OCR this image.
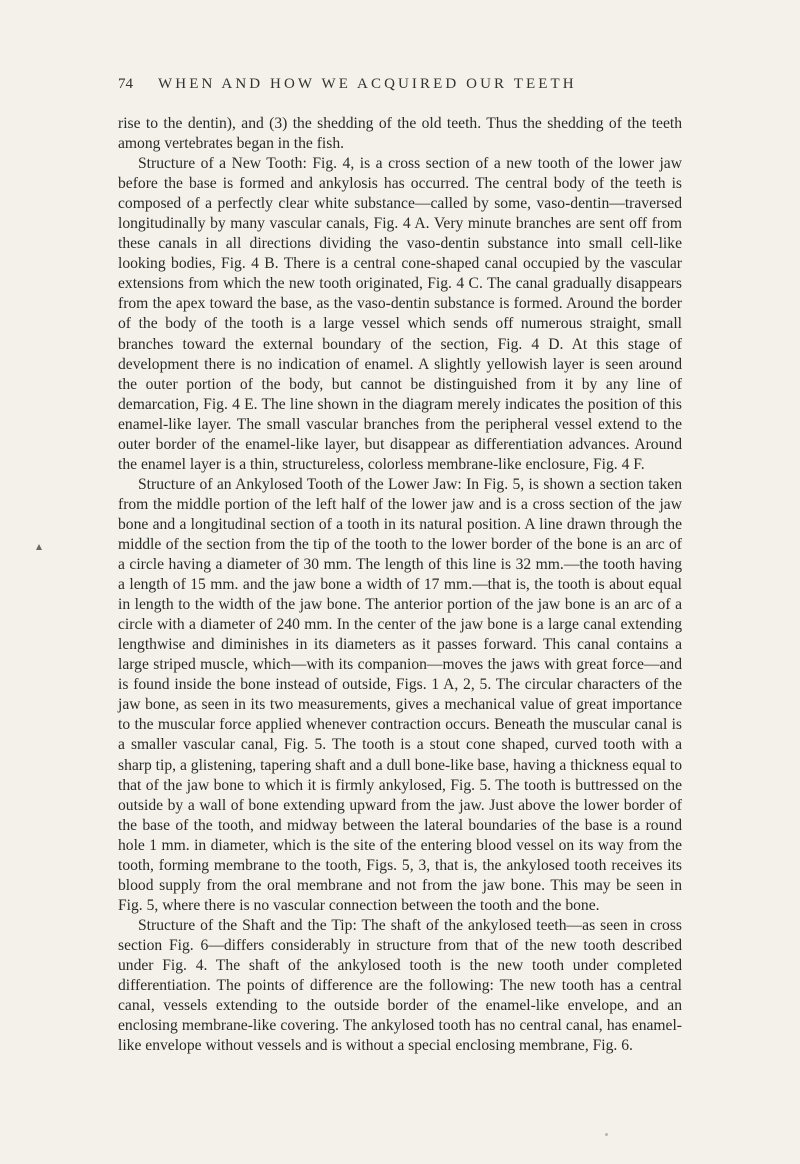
74 WHEN AND HOW WE ACQUIRED OUR TEETH

rise to the dentin), and (3) the shedding of the old teeth. Thus the shedding of the teeth among vertebrates began in the fish.

Structure of a New Tooth: Fig. 4, is a cross section of a new tooth of the lower jaw before the base is formed and ankylosis has occurred. The central body of the teeth is composed of a perfectly clear white substance—called by some, vaso-dentin—traversed longitudinally by many vascular canals, Fig. 4 A. Very minute branches are sent off from these canals in all directions dividing the vaso-dentin substance into small cell-like looking bodies, Fig. 4 B. There is a central cone-shaped canal occupied by the vascular extensions from which the new tooth originated, Fig. 4 C. The canal gradually disappears from the apex toward the base, as the vaso-dentin substance is formed. Around the border of the body of the tooth is a large vessel which sends off numerous straight, small branches toward the external boundary of the section, Fig. 4 D. At this stage of development there is no indication of enamel. A slightly yellowish layer is seen around the outer portion of the body, but cannot be distinguished from it by any line of demarcation, Fig. 4 E. The line shown in the diagram merely indicates the position of this enamel-like layer. The small vascular branches from the peripheral vessel extend to the outer border of the enamel-like layer, but disappear as differentiation advances. Around the enamel layer is a thin, structureless, colorless membrane-like enclosure, Fig. 4 F.

Structure of an Ankylosed Tooth of the Lower Jaw: In Fig. 5, is shown a section taken from the middle portion of the left half of the lower jaw and is a cross section of the jaw bone and a longitudinal section of a tooth in its natural position. A line drawn through the middle of the section from the tip of the tooth to the lower border of the bone is an arc of a circle having a diameter of 30 mm. The length of this line is 32 mm.—the tooth having a length of 15 mm. and the jaw bone a width of 17 mm.—that is, the tooth is about equal in length to the width of the jaw bone. The anterior portion of the jaw bone is an arc of a circle with a diameter of 240 mm. In the center of the jaw bone is a large canal extending lengthwise and diminishes in its diameters as it passes forward. This canal contains a large striped muscle, which—with its companion—moves the jaws with great force—and is found inside the bone instead of outside, Figs. 1 A, 2, 5. The circular characters of the jaw bone, as seen in its two measurements, gives a mechanical value of great importance to the muscular force applied whenever contraction occurs. Beneath the muscular canal is a smaller vascular canal, Fig. 5. The tooth is a stout cone shaped, curved tooth with a sharp tip, a glistening, tapering shaft and a dull bone-like base, having a thickness equal to that of the jaw bone to which it is firmly ankylosed, Fig. 5. The tooth is buttressed on the outside by a wall of bone extending upward from the jaw. Just above the lower border of the base of the tooth, and midway between the lateral boundaries of the base is a round hole 1 mm. in diameter, which is the site of the entering blood vessel on its way from the tooth, forming membrane to the tooth, Figs. 5, 3, that is, the ankylosed tooth receives its blood supply from the oral membrane and not from the jaw bone. This may be seen in Fig. 5, where there is no vascular connection between the tooth and the bone.

Structure of the Shaft and the Tip: The shaft of the ankylosed teeth—as seen in cross section Fig. 6—differs considerably in structure from that of the new tooth described under Fig. 4. The shaft of the ankylosed tooth is the new tooth under completed differentiation. The points of difference are the following: The new tooth has a central canal, vessels extending to the outside border of the enamel-like envelope, and an enclosing membrane-like covering. The ankylosed tooth has no central canal, has enamel-like envelope without vessels and is without a special enclosing membrane, Fig. 6.
